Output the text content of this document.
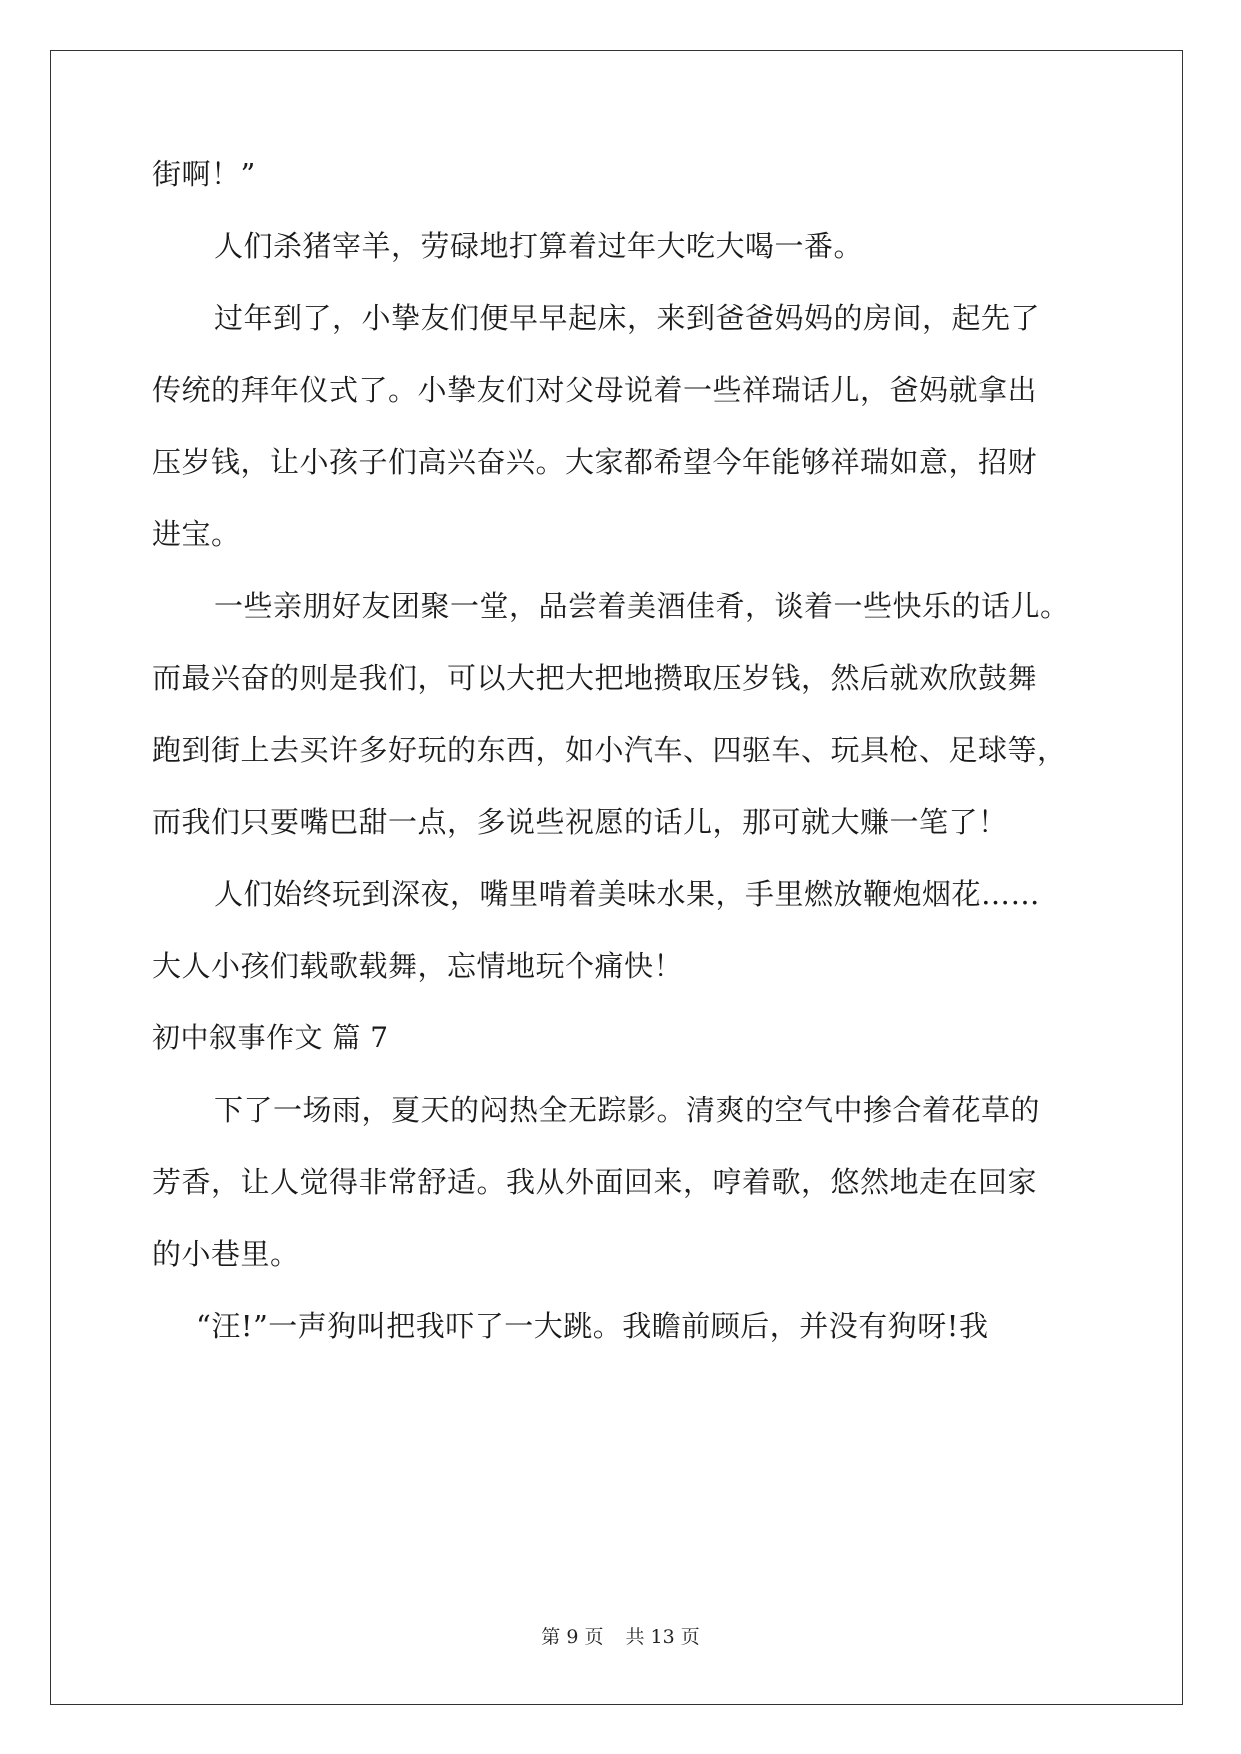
街啊！”
人们杀猪宰羊，劳碌地打算着过年大吃大喝一番。
过年到了，小挚友们便早早起床，来到爸爸妈妈的房间，起先了
传统的拜年仪式了。小挚友们对父母说着一些祥瑞话儿，爸妈就拿出
压岁钱，让小孩子们高兴奋兴。大家都希望今年能够祥瑞如意，招财
进宝。
一些亲朋好友团聚一堂，品尝着美酒佳肴，谈着一些快乐的话儿。
而最兴奋的则是我们，可以大把大把地攒取压岁钱，然后就欢欣鼓舞
跑到街上去买许多好玩的东西，如小汽车、四驱车、玩具枪、足球等，
而我们只要嘴巴甜一点，多说些祝愿的话儿，那可就大赚一笔了！
人们始终玩到深夜，嘴里啃着美味水果，手里燃放鞭炮烟花……
大人小孩们载歌载舞，忘情地玩个痛快！
初中叙事作文 篇 7
下了一场雨，夏天的闷热全无踪影。清爽的空气中掺合着花草的
芳香，让人觉得非常舒适。我从外面回来，哼着歌，悠然地走在回家
的小巷里。
“汪!”一声狗叫把我吓了一大跳。我瞻前顾后，并没有狗呀!我
第 9 页 共 13 页
